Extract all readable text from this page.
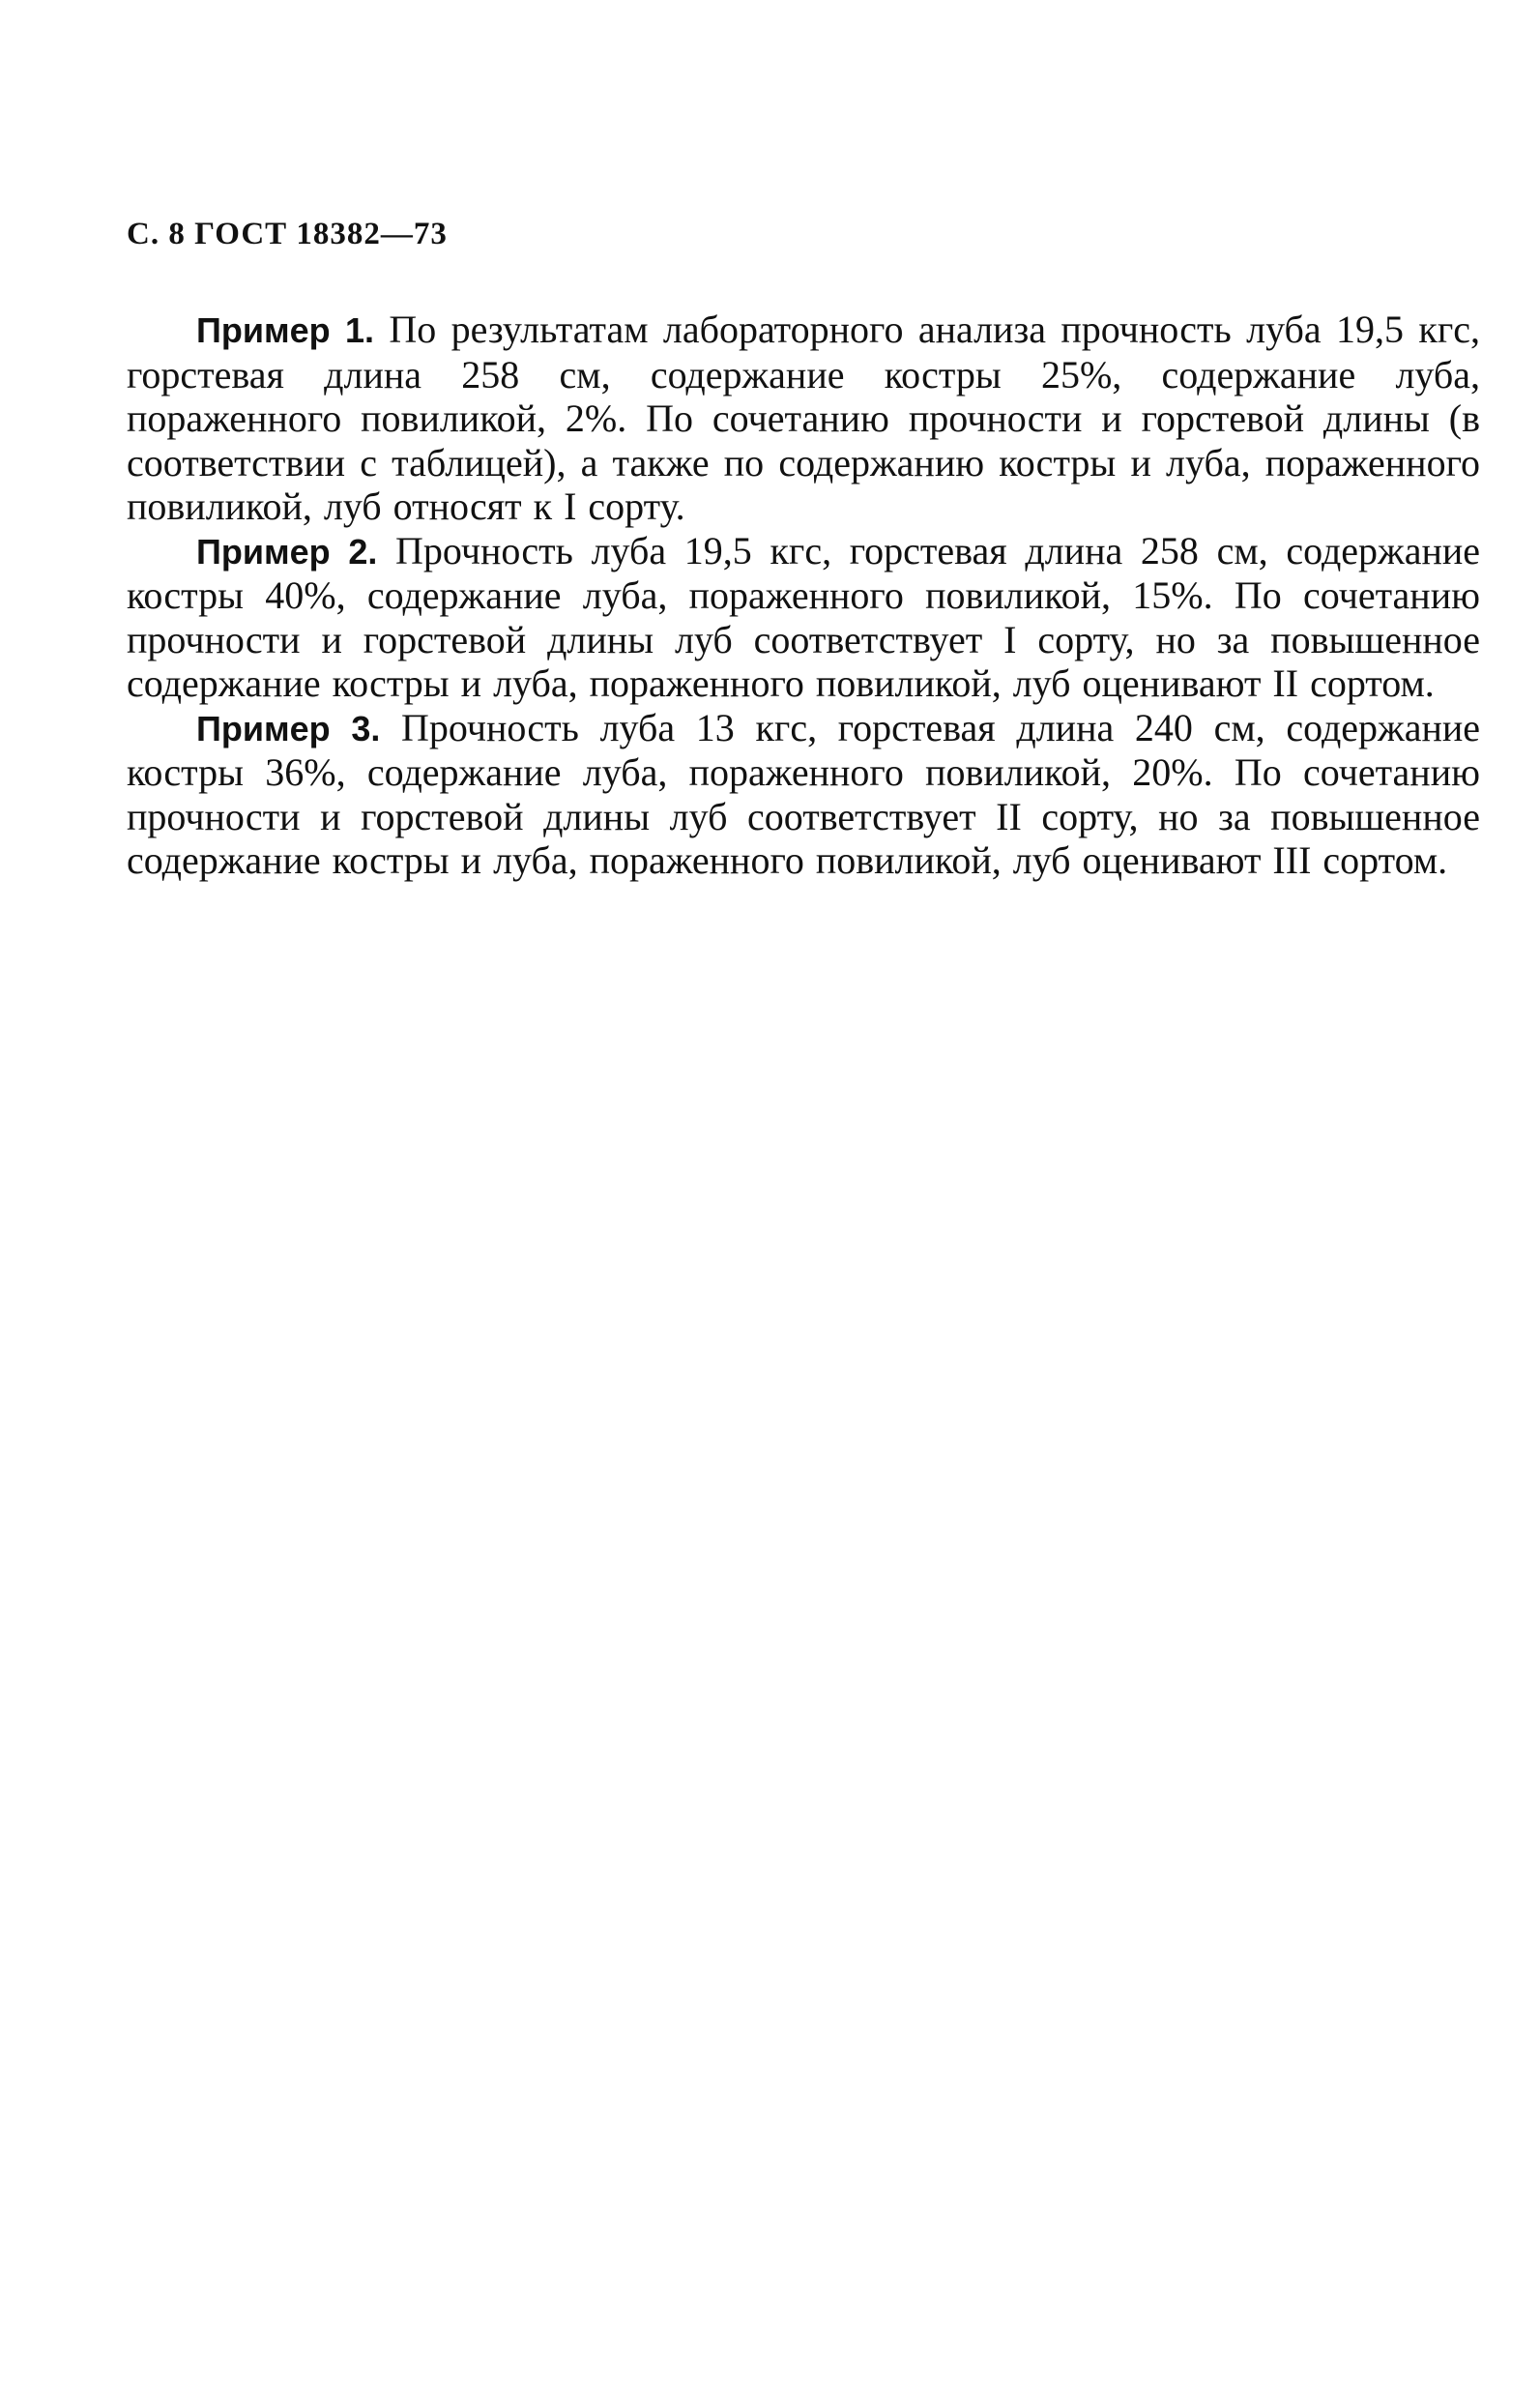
С. 8 ГОСТ 18382—73

Пример 1. По результатам лабораторного анализа прочность луба 19,5 кгс, горстевая длина 258 см, содержание костры 25%, содержание луба, пораженного повиликой, 2%. По сочетанию прочности и горстевой длины (в соответствии с таблицей), а также по содержанию костры и луба, пораженного повиликой, луб относят к I сорту.

Пример 2. Прочность луба 19,5 кгс, горстевая длина 258 см, содержание костры 40%, содержание луба, пораженного повиликой, 15%. По сочетанию прочности и горстевой длины луб соответствует I сорту, но за повышенное содержание костры и луба, пораженного повиликой, луб оценивают II сортом.

Пример 3. Прочность луба 13 кгс, горстевая длина 240 см, содержание костры 36%, содержание луба, пораженного повиликой, 20%. По сочетанию прочности и горстевой длины луб соответствует II сорту, но за повышенное содержание костры и луба, пораженного повиликой, луб оценивают III сортом.
